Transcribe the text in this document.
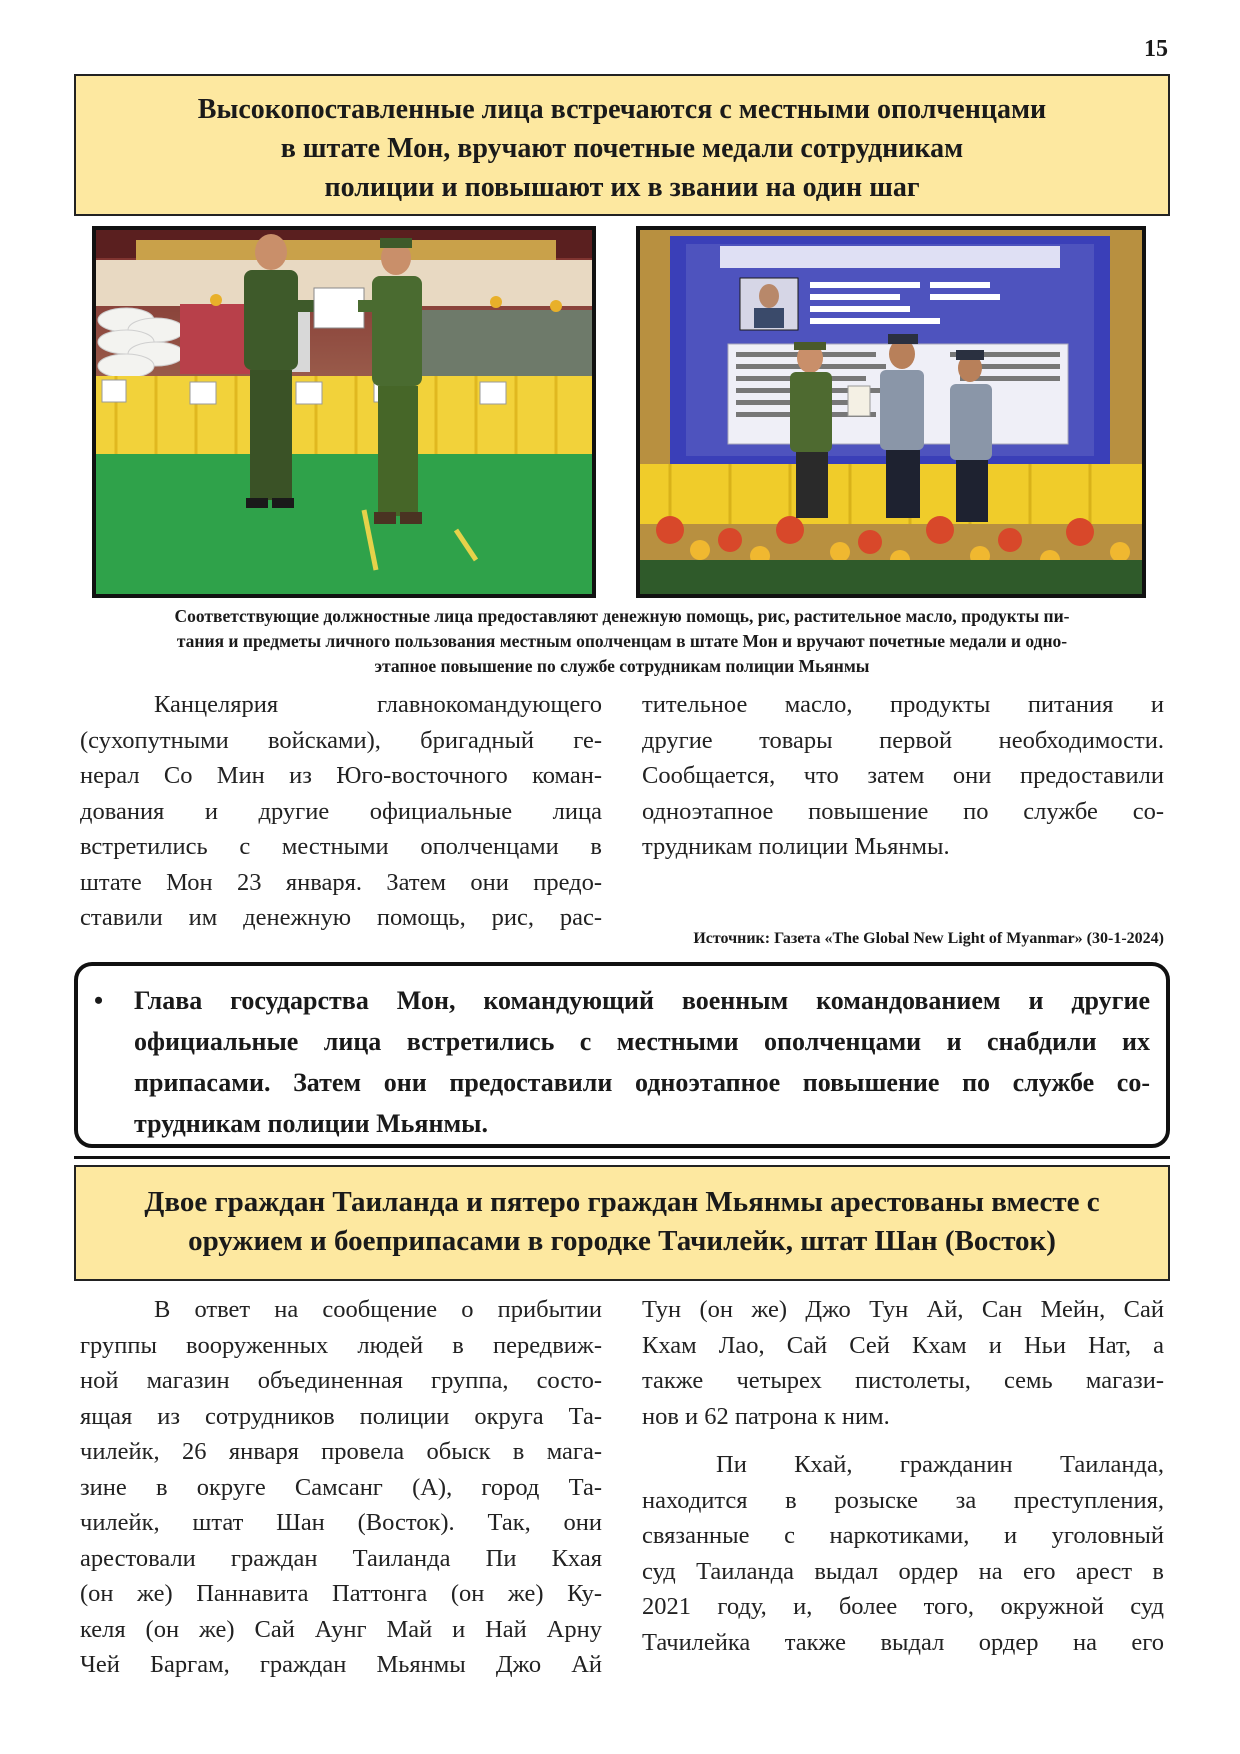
15
Высокопоставленные лица встречаются с местными ополченцами
в штате Мон, вручают почетные медали сотрудникам
полиции и повышают их в звании на один шаг
Соответствующие должностные лица предоставляют денежную помощь, рис, растительное масло, продукты пи-
тания и предметы личного пользования местным ополченцам в штате Мон и вручают почетные медали и одно-
этапное повышение по службе сотрудникам полиции Мьянмы
Канцелярия главнокомандующего
(сухопутными войсками), бригадный ге-
нерал Со Мин из Юго-восточного коман-
дования и другие официальные лица
встретились с местными ополченцами в
штате Мон 23 января. Затем они предо-
ставили им денежную помощь, рис, рас-
тительное масло, продукты питания и
другие товары первой необходимости.
Сообщается, что затем они предоставили
одноэтапное повышение по службе со-
трудникам полиции Мьянмы.
Источник: Газета «The Global New Light of Myanmar» (30-1-2024)
• Глава государства Мон, командующий военным командованием и другие
официальные лица встретились с местными ополченцами и снабдили их
припасами. Затем они предоставили одноэтапное повышение по службе со-
трудникам полиции Мьянмы.
Двое граждан Таиланда и пятеро граждан Мьянмы арестованы вместе с
оружием и боеприпасами в городке Тачилейк, штат Шан (Восток)
В ответ на сообщение о прибытии
группы вооруженных людей в передвиж-
ной магазин объединенная группа, состо-
ящая из сотрудников полиции округа Та-
чилейк, 26 января провела обыск в мага-
зине в округе Самсанг (А), город Та-
чилейк, штат Шан (Восток). Так, они
арестовали граждан Таиланда Пи Кхая
(он же) Паннавита Паттонга (он же) Ку-
келя (он же) Сай Аунг Май и Най Арну
Чей Баргам, граждан Мьянмы Джо Ай
Тун (он же) Джо Тун Ай, Сан Мейн, Сай
Кхам Лао, Сай Сей Кхам и Ньи Нат, а
также четырех пистолеты, семь магази-
нов и 62 патрона к ним.
Пи Кхай, гражданин Таиланда,
находится в розыске за преступления,
связанные с наркотиками, и уголовный
суд Таиланда выдал ордер на его арест в
2021 году, и, более того, окружной суд
Тачилейка также выдал ордер на его
